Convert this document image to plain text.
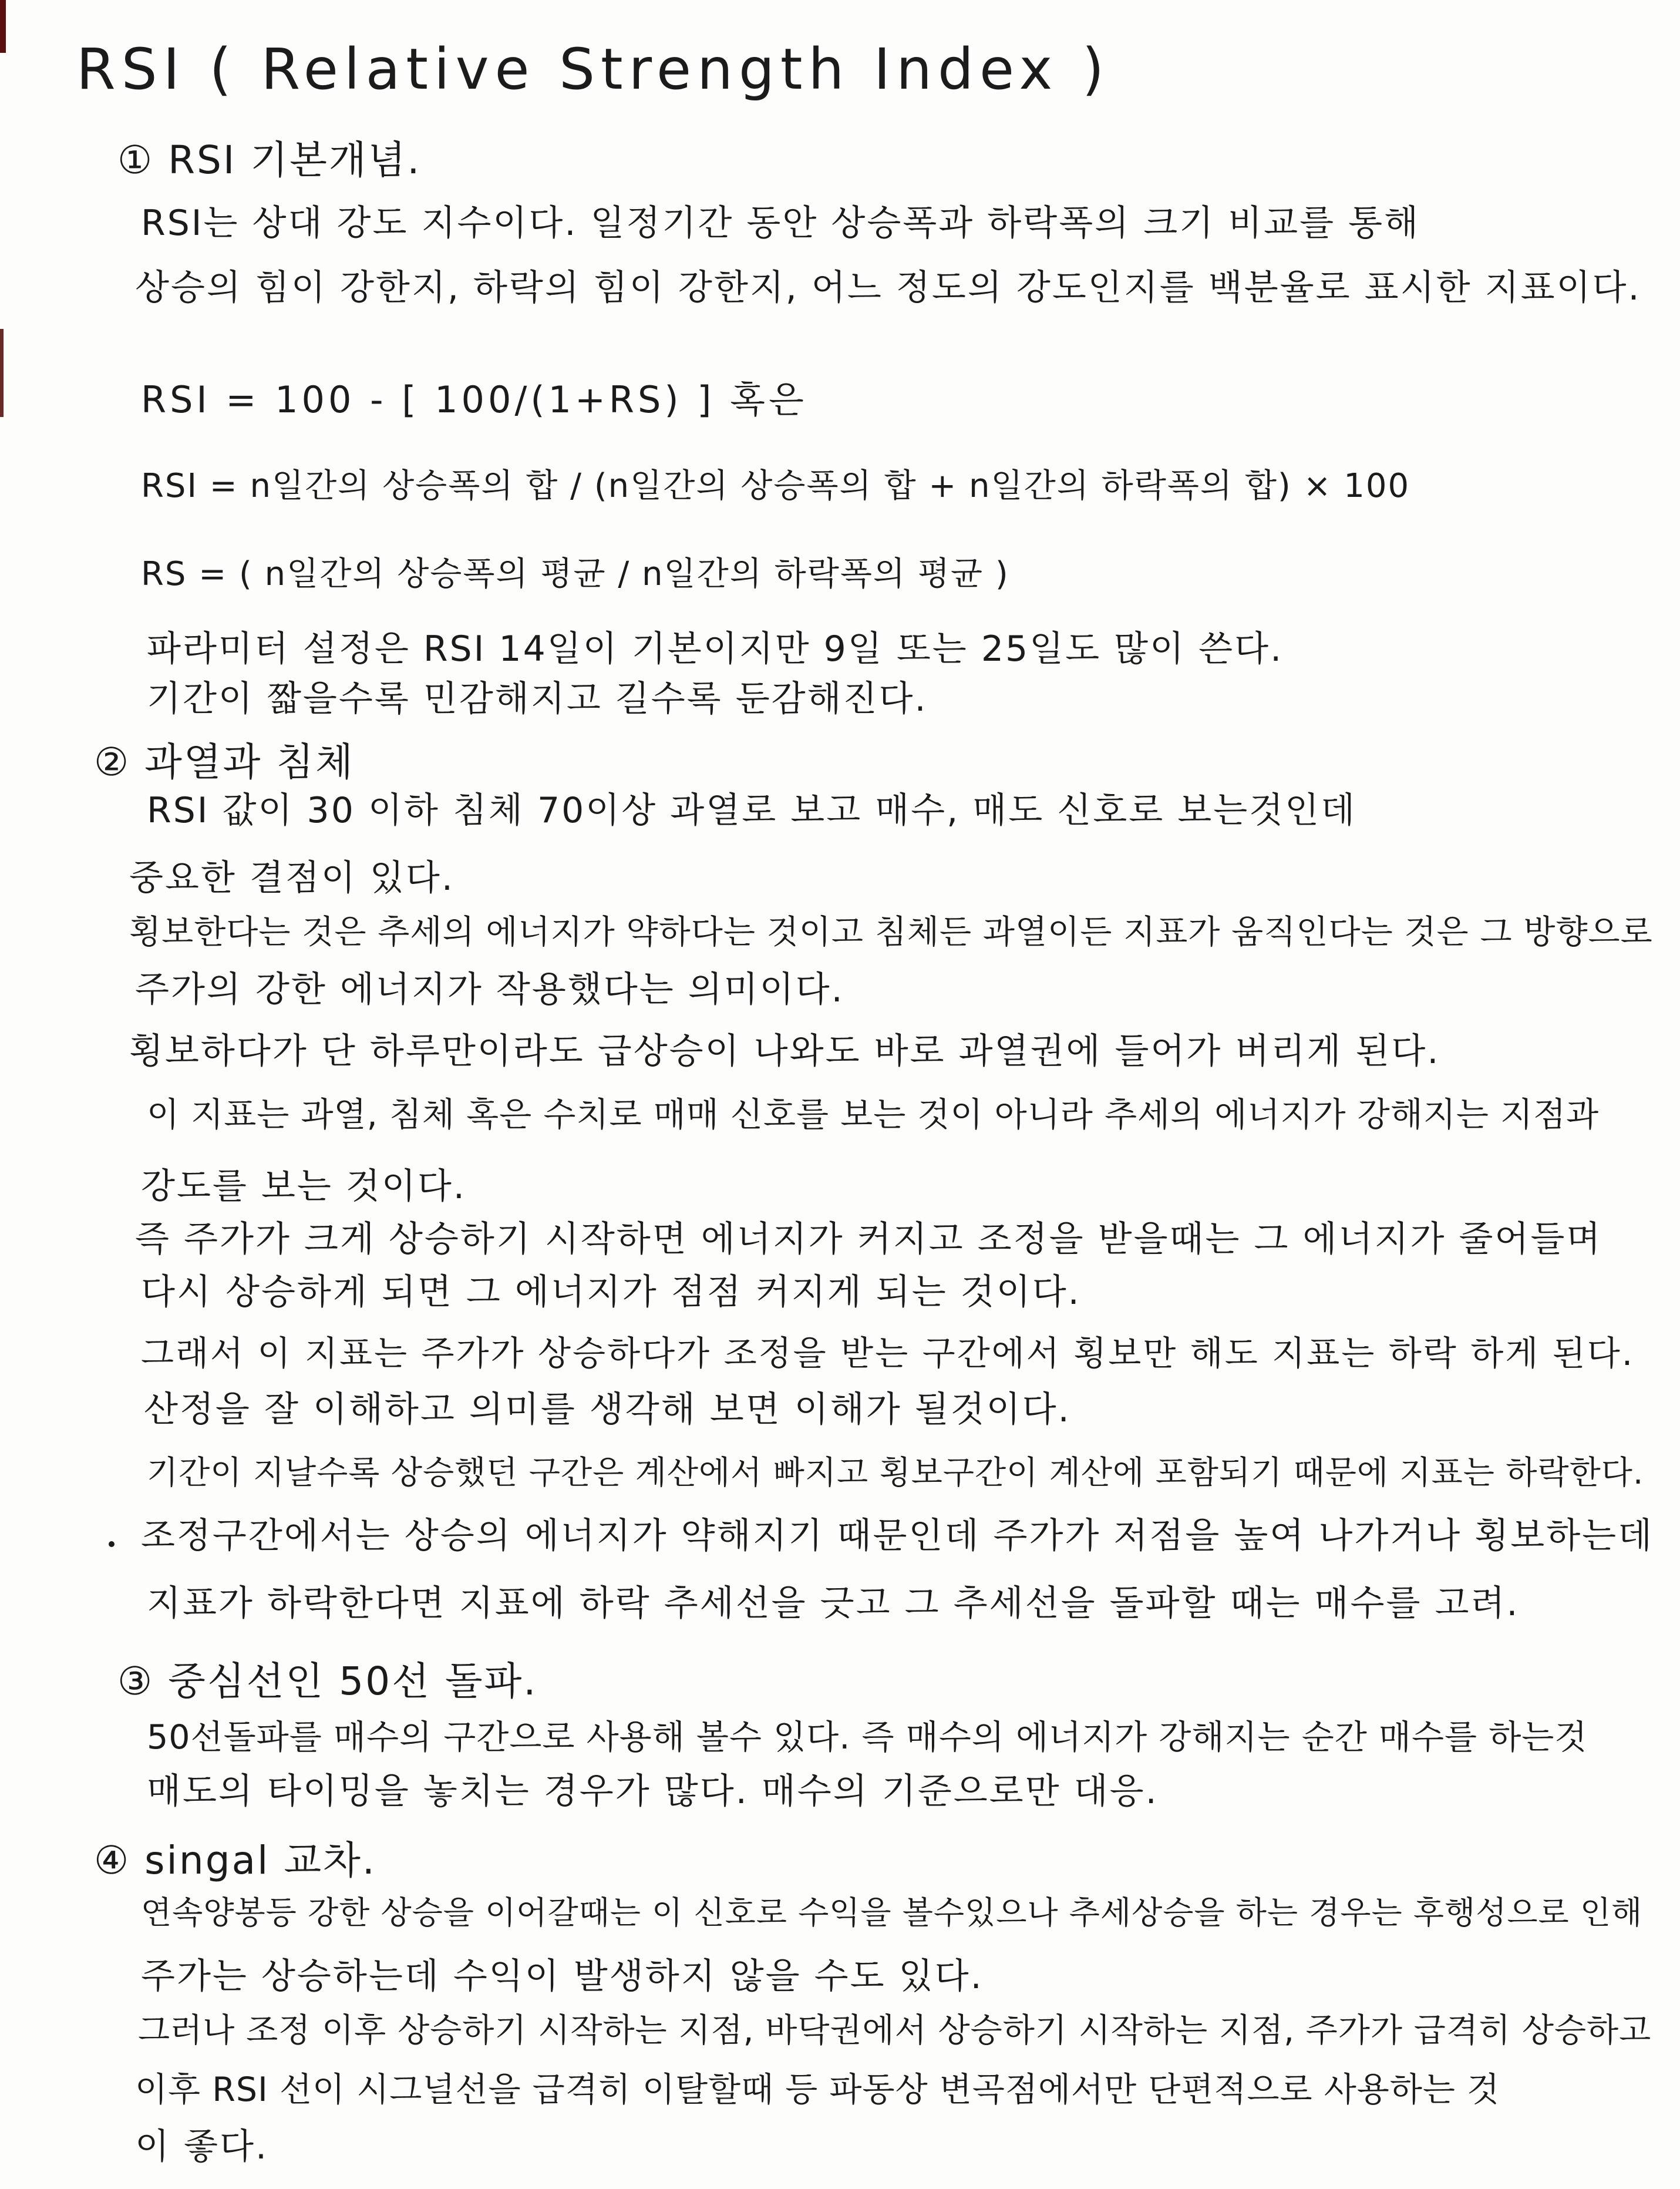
RSI ( Relative Strength Index )
① RSI 기본개념.
RSI는 상대 강도 지수이다. 일정기간 동안 상승폭과 하락폭의 크기 비교를 통해
상승의 힘이 강한지, 하락의 힘이 강한지, 어느 정도의 강도인지를 백분율로 표시한 지표이다.
RSI = 100 - [ 100/(1+RS) ] 혹은
RSI = n일간의 상승폭의 합 / (n일간의 상승폭의 합 + n일간의 하락폭의 합) × 100
RS = ( n일간의 상승폭의 평균 / n일간의 하락폭의 평균 )
파라미터 설정은 RSI 14일이 기본이지만 9일 또는 25일도 많이 쓴다.
기간이 짧을수록 민감해지고 길수록 둔감해진다.
② 과열과 침체
RSI 값이 30 이하 침체 70이상 과열로 보고 매수, 매도 신호로 보는것인데
중요한 결점이 있다.
횡보한다는 것은 추세의 에너지가 약하다는 것이고 침체든 과열이든 지표가 움직인다는 것은 그 방향으로
주가의 강한 에너지가 작용했다는 의미이다.
횡보하다가 단 하루만이라도 급상승이 나와도 바로 과열권에 들어가 버리게 된다.
이 지표는 과열, 침체 혹은 수치로 매매 신호를 보는 것이 아니라 추세의 에너지가 강해지는 지점과
강도를 보는 것이다.
즉 주가가 크게 상승하기 시작하면 에너지가 커지고 조정을 받을때는 그 에너지가 줄어들며
다시 상승하게 되면 그 에너지가 점점 커지게 되는 것이다.
그래서 이 지표는 주가가 상승하다가 조정을 받는 구간에서 횡보만 해도 지표는 하락 하게 된다.
산정을 잘 이해하고 의미를 생각해 보면 이해가 될것이다.
기간이 지날수록 상승했던 구간은 계산에서 빠지고 횡보구간이 계산에 포함되기 때문에 지표는 하락한다.
조정구간에서는 상승의 에너지가 약해지기 때문인데 주가가 저점을 높여 나가거나 횡보하는데
지표가 하락한다면 지표에 하락 추세선을 긋고 그 추세선을 돌파할 때는 매수를 고려.
③ 중심선인 50선 돌파.
50선돌파를 매수의 구간으로 사용해 볼수 있다. 즉 매수의 에너지가 강해지는 순간 매수를 하는것
매도의 타이밍을 놓치는 경우가 많다. 매수의 기준으로만 대응.
④ singal 교차.
연속양봉등 강한 상승을 이어갈때는 이 신호로 수익을 볼수있으나 추세상승을 하는 경우는 후행성으로 인해
주가는 상승하는데 수익이 발생하지 않을 수도 있다.
그러나 조정 이후 상승하기 시작하는 지점, 바닥권에서 상승하기 시작하는 지점, 주가가 급격히 상승하고
이후 RSI 선이 시그널선을 급격히 이탈할때 등 파동상 변곡점에서만 단편적으로 사용하는 것
이 좋다.
